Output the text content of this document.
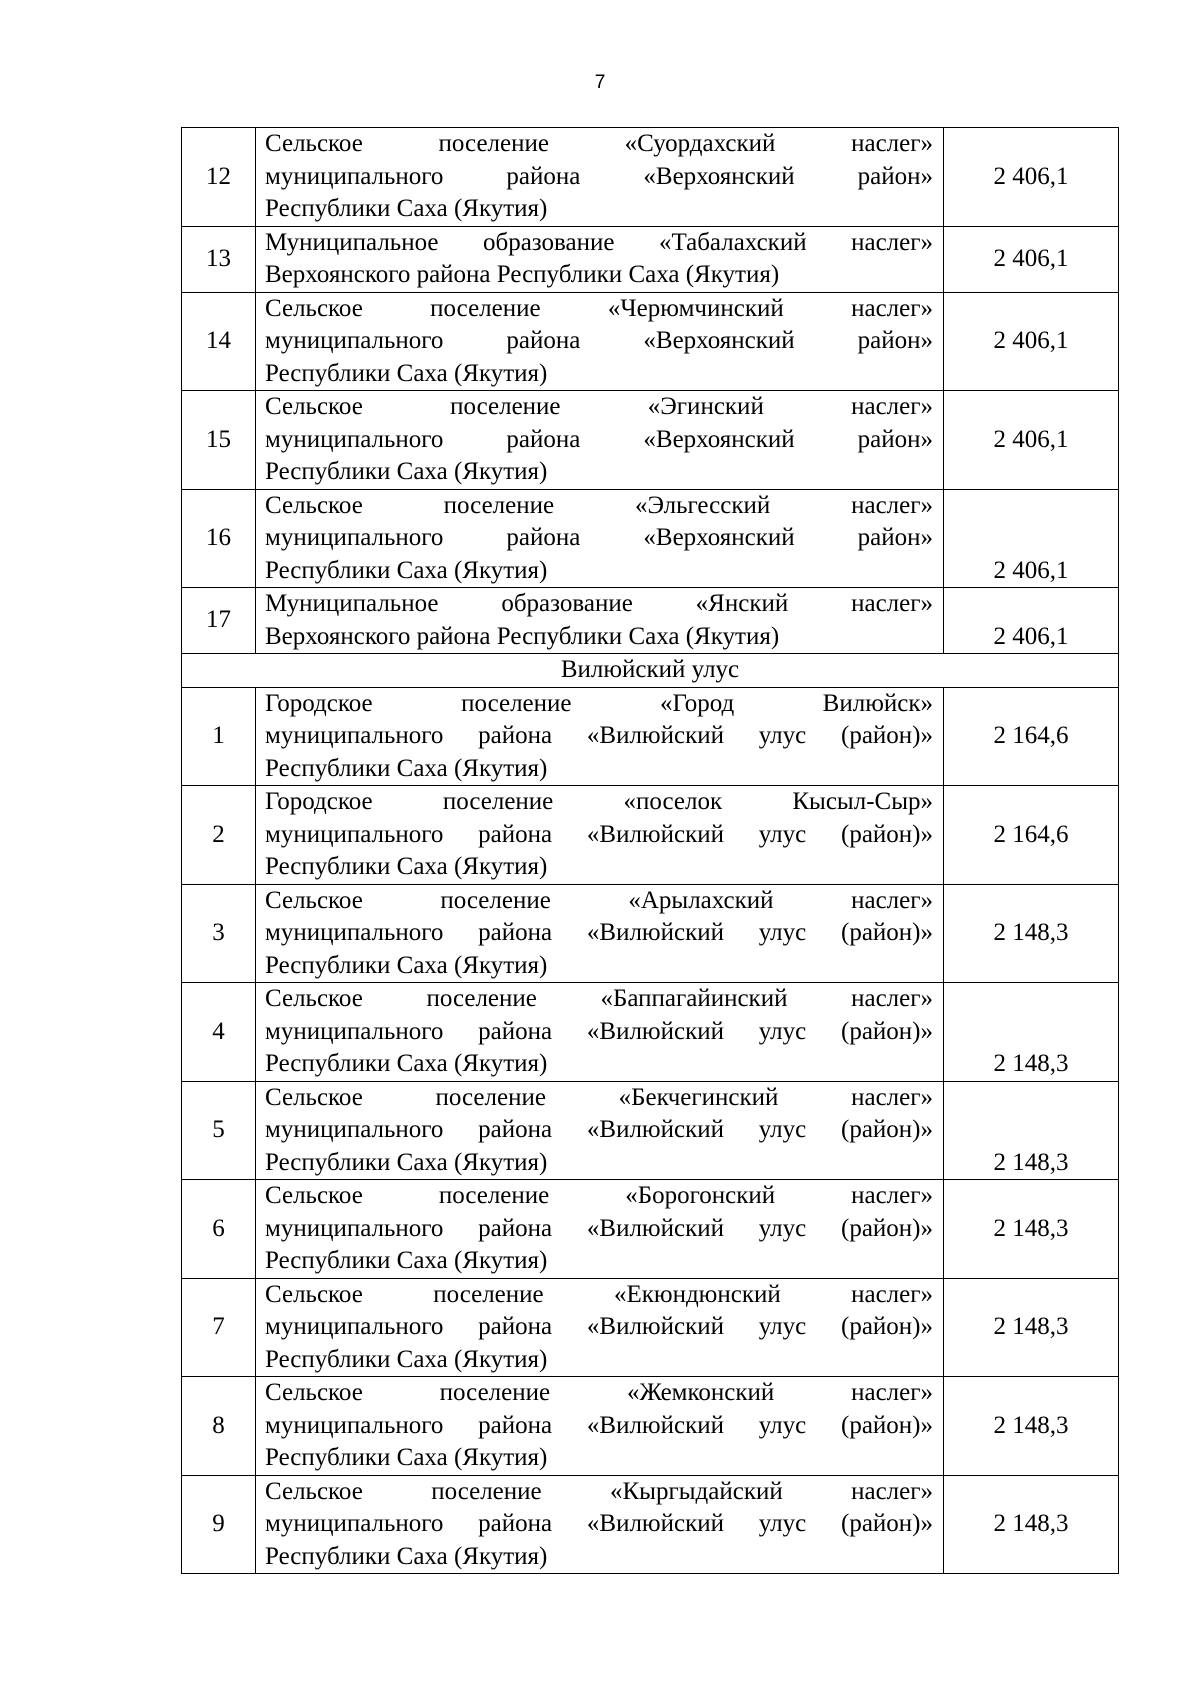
7
12	Сельское поселение «Суордахский наслег»
муниципального района «Верхоянский район»
Республики Саха (Якутия)	2 406,1
13	Муниципальное образование «Табалахский наслег»
Верхоянского района Республики Саха (Якутия)	2 406,1
14	Сельское поселение «Черюмчинский наслег»
муниципального района «Верхоянский район»
Республики Саха (Якутия)	2 406,1
15	Сельское поселение «Эгинский наслег»
муниципального района «Верхоянский район»
Республики Саха (Якутия)	2 406,1
16	Сельское поселение «Эльгесский наслег»
муниципального района «Верхоянский район»
Республики Саха (Якутия)	2 406,1
17	Муниципальное образование «Янский наслег»
Верхоянского района Республики Саха (Якутия)	2 406,1
Вилюйский улус		
1	Городское поселение «Город Вилюйск»
муниципального района «Вилюйский улус (район)»
Республики Саха (Якутия)	2 164,6
2	Городское поселение «поселок Кысыл-Сыр»
муниципального района «Вилюйский улус (район)»
Республики Саха (Якутия)	2 164,6
3	Сельское поселение «Арылахский наслег»
муниципального района «Вилюйский улус (район)»
Республики Саха (Якутия)	2 148,3
4	Сельское поселение «Баппагайинский наслег»
муниципального района «Вилюйский улус (район)»
Республики Саха (Якутия)	2 148,3
5	Сельское поселение «Бекчегинский наслег»
муниципального района «Вилюйский улус (район)»
Республики Саха (Якутия)	2 148,3
6	Сельское поселение «Борогонский наслег»
муниципального района «Вилюйский улус (район)»
Республики Саха (Якутия)	2 148,3
7	Сельское поселение «Екюндюнский наслег»
муниципального района «Вилюйский улус (район)»
Республики Саха (Якутия)	2 148,3
8	Сельское поселение «Жемконский наслег»
муниципального района «Вилюйский улус (район)»
Республики Саха (Якутия)	2 148,3
9	Сельское поселение «Кыргыдайский наслег»
муниципального района «Вилюйский улус (район)»
Республики Саха (Якутия)	2 148,3
